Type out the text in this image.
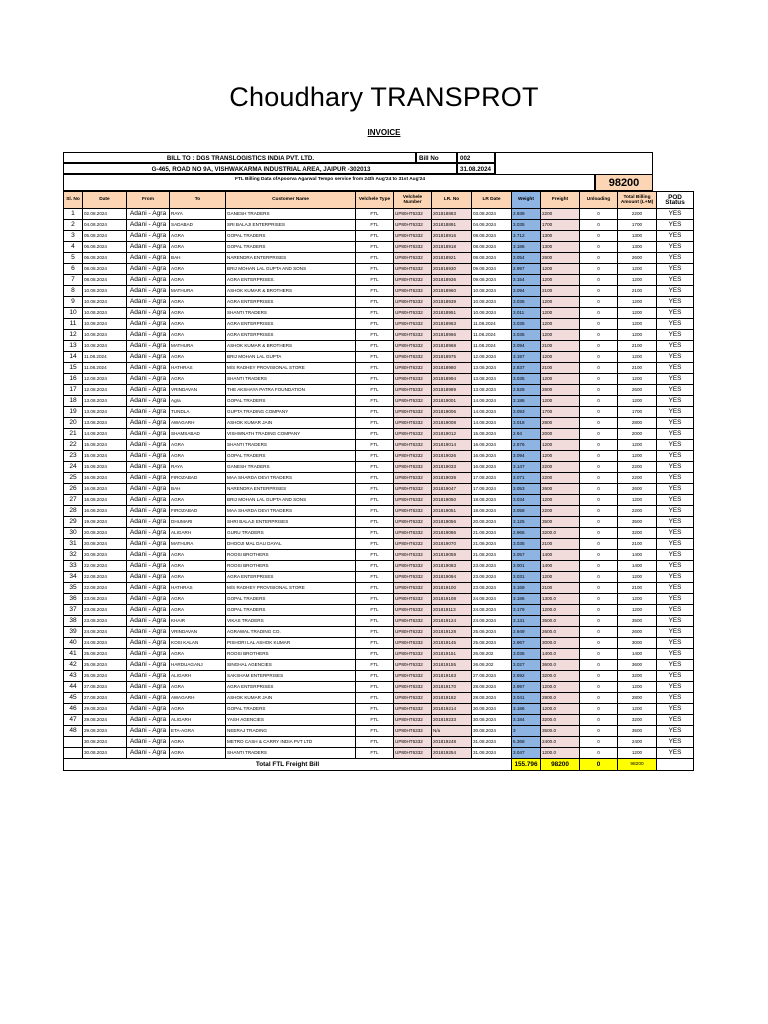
Choudhary TRANSPROT
INVOICE
BILL TO : DGS TRANSLOGISTICS INDIA PVT. LTD.	Bill No	002
G-465, ROAD NO 9A, VISHWAKARMA INDUSTRIAL AREA, JAIPUR -302013	31.08.2024
FTL Billing Data ofApoorva Agarwal Tempo service from 24th Aug'24 to 31st Aug'24	98200
Sl. No	Date	From	To	Customer Name	Velchele Type	Velchele Number	LR. No	LR Date	Weight	Freight	Unloading	Total Billing Amount (L+M)	POD Status
1	02.08.2024	Adani - Agra	RAYA	GANESH TRADERS	FTL	UP80HT6332	201818883	03.08.2024	2.939	2200	0	2200	YES
2	04.08.2024	Adani - Agra	SADABAD	SRI BALAJI ENTERPRISES	FTL	UP80HT6332	201818891	04.08.2024	3.035	1700	0	1700	YES
3	05.08.2024	Adani - Agra	AGRA	GOPAL TRADERS	FTL	UP80HT6332	201818916	08.08.2024	3.712	1300	0	1300	YES
4	06.08.2024	Adani - Agra	AGRA	GOPAL TRADERS	FTL	UP80HT6332	201818918	08.08.2024	3.186	1300	0	1300	YES
5	06.08.2024	Adani - Agra	BAH	NARENDRA ENTERPRISES	FTL	UP80HT6332	201818921	08.08.2024	3.054	2600	0	2600	YES
6	08.08.2024	Adani - Agra	AGRA	BRIJ MOHAN LAL GUPTA AND SONS	FTL	UP80HT6332	201818930	09.08.2024	2.997	1200	0	1200	YES
7	08.08.2024	Adani - Agra	AGRA	AGRA ENTERPRISES.	FTL	UP80HT6332	201818936	09.08.2024	3.154	1200	0	1200	YES
8	10.08.2024	Adani - Agra	MATHURA	ASHOK KUMAR & BROTHERS	FTL	UP80HT6332	201818960	10.08.2024	3.094	2100	0	2100	YES
9	10.08.2024	Adani - Agra	AGRA	AGRA ENTERPRISES	FTL	UP80HT6332	201818939	10.08.2024	3.035	1200	0	1200	YES
10	10.08.2024	Adani - Agra	AGRA	SHANTI TRADERS	FTL	UP80HT6332	201818951	10.08.2024	3.011	1200	0	1200	YES
11	10.08.2024	Adani - Agra	AGRA	AGRA ENTERPRISES	FTL	UP80HT6332	201818963	11.08.2024	3.035	1200	0	1200	YES
12	10.08.2024	Adani - Agra	AGRA	AGRA ENTERPRISES	FTL	UP80HT6332	201818966	11.08.2024	3.035	1200	0	1200	YES
13	10.08.2024	Adani - Agra	MATHURA	ASHOK KUMAR & BROTHERS	FTL	UP80HT6332	201818968	11.08.2024	3.094	2100	0	2100	YES
14	11.08.2024	Adani - Agra	AGRA	BRIJ MOHAN LAL GUPTA	FTL	UP80HT6332	201818975	12.08.2024	3.197	1200	0	1200	YES
15	11.08.2024	Adani - Agra	HATHRAS	M/S RADHEY PROVISIONAL STORE	FTL	UP80HT6332	201818980	13.08.2024	2.837	2100	0	2100	YES
16	12.08.2024	Adani - Agra	AGRA	SHANTI TRADERS	FTL	UP80HT6332	201818994	13.08.2024	3.035	1200	0	1200	YES
17	12.08.2024	Adani - Agra	VRINDAVAN	THE AKSHAYA PATRA FOUNDATION	FTL	UP80HT6332	201818989	13.08.2024	2.528	2600	0	2600	YES
18	13.08.2024	Adani - Agra	Agra	GOPAL TRADERS	FTL	UP80HT6332	201819001	14.08.2024	3.186	1200	0	1200	YES
19	13.08.2024	Adani - Agra	TUNDLA	GUPTA TRADING COMPANY	FTL	UP80HT6332	201819006	14.08.2024	3.093	1700	0	1700	YES
20	13.08.2024	Adani - Agra	AWAGARH	ASHOK KUMAR JAIN	FTL	UP80HT6332	201819008	14.08.2024	3.018	2800	0	2800	YES
21	14.08.2024	Adani - Agra	SHAMSABAD	VISHWNATH TRADING COMPANY	FTL	UP80HT6332	201819012	15.08.2024	2.94	2000	0	2000	YES
22	15.08.2024	Adani - Agra	AGRA	SHANTI TRADERS	FTL	UP80HT6332	201819014	16.08.2024	2.876	1200	0	1200	YES
23	15.08.2024	Adani - Agra	AGRA	GOPAL TRADERS	FTL	UP80HT6332	201819026	16.08.2024	3.094	1200	0	1200	YES
24	15.08.2024	Adani - Agra	RAYA	GANESH TRADERS	FTL	UP80HT6332	201819033	16.08.2024	3.147	2200	0	2200	YES
25	16.08.2024	Adani - Agra	FIROZABAD	MAA SHARDA DEVI TRADERS	FTL	UP80HT6332	201819039	17.08.2024	3.071	2200	0	2200	YES
26	16.08.2024	Adani - Agra	BAH	NARENDRA ENTERPRISES	FTL	UP80HT6332	201819047	17.08.2024	3.053	2600	0	2600	YES
27	16.08.2024	Adani - Agra	AGRA	BRIJ MOHAN LAL GUPTA AND SONS	FTL	UP80HT6332	201819050	18.08.2024	3.034	1200	0	1200	YES
28	16.08.2024	Adani - Agra	FIROZABAD	MAA SHARDA DEVI TRADERS	FTL	UP80HT6332	201819051	18.08.2024	3.058	2200	0	2200	YES
29	19.08.2024	Adani - Agra	DHUMARI	SHRI BALAJI ENTERPRISES	FTL	UP80HT6332	201819056	20.08.2024	3.125	3500	0	3500	YES
30	20.08.2024	Adani - Agra	ALIGARH	GURU TRADERS	FTL	UP80HT6332	201819086	21.08.2024	2.966	3200.0	0	3200	YES
31	20.08.2024	Adani - Agra	MATHURA	DHOOJI MAL DAU DAYAL	FTL	UP80HT6332	201819070	21.08.2024	3.035	2100	0	2100	YES
32	20.08.2024	Adani - Agra	AGRA	ROOSI BROTHERS	FTL	UP80HT6332	201819059	21.08.2024	3.057	1400	0	1400	YES
33	22.08.2024	Adani - Agra	AGRA	ROOSI BROTHERS	FTL	UP80HT6332	201819083	23.08.2024	3.001	1400	0	1400	YES
34	22.08.2024	Adani - Agra	AGRA	AGRA ENTERPRISES	FTL	UP80HT6332	201819094	23.08.2024	3.031	1200	0	1200	YES
35	22.08.2024	Adani - Agra	HATHRAS	M/S RADHEY PROVISIONAL STORE	FTL	UP80HT6332	201819100	23.08.2024	3.169	2100	0	2100	YES
36	23.08.2024	Adani - Agra	AGRA	GOPAL TRADERS	FTL	UP80HT6332	201819108	24.08.2024	3.186	1300.0	0	1200	YES
37	23.08.2024	Adani - Agra	AGRA	GOPAL TRADERS	FTL	UP80HT6332	201819113	24.08.2024	3.179	1200.0	0	1200	YES
38	23.08.2024	Adani - Agra	KHAIR	VIKAS TRADERS	FTL	UP80HT6332	201819124	24.08.2024	3.131	3500.0	0	3500	YES
39	24.08.2024	Adani - Agra	VRINDAVAN	AGRAWAL TRADING CO.	FTL	UP80HT6332	201819128	25.08.2024	2.949	2600.0	0	2600	YES
40	24.08.2024	Adani - Agra	KOSI KALAN	PISHORI LAL ASHOK KUMAR	FTL	UP80HT6332	201819145	25.08.2024	2.967	3000.0	0	3000	YES
41	25.08.2024	Adani - Agra	AGRA	ROOSI BROTHERS	FTL	UP80HT6332	201819151	26.08.202	3.035	1400.0	0	1400	YES
42	25.08.2024	Adani - Agra	HARDUAGANJ	SINGHAL AGENCIES	FTL	UP80HT6332	201819155	26.08.202	3.027	3600.0	0	3600	YES
43	26.08.2024	Adani - Agra	ALIGARH	SAKSHAM ENTERPRISES	FTL	UP80HT6332	201819163	27.08.2024	2.692	3200.0	0	3200	YES
44	27.08.2024	Adani - Agra	AGRA	AGRA ENTERPRISES	FTL	UP80HT6332	201819170	28.08.2024	2.997	1200.0	0	1200	YES
45	27.08.2024	Adani - Agra	AWAGARH	ASHOK KUMAR JAIN	FTL	UP80HT6332	201819182	28.08.2024	3.041	2800.0	0	2800	YES
46	29.08.2024	Adani - Agra	AGRA	GOPAL TRADERS	FTL	UP80HT6332	201819214	30.08.2024	3.186	1200.0	0	1200	YES
47	29.08.2024	Adani - Agra	ALIGARH	YASH AGENCIES	FTL	UP80HT6332	201819233	30.08.2024	3.184	3200.0	0	3200	YES
48	29.08.2024	Adani - Agra	ETA-AGRA	NEERAJ TRADING	FTL	UP80HT6332	N/a	30.08.2024	3	3500.0	0	3500	YES
	30.08.2024	Adani - Agra	AGRA	METRO CASH & CARRY INDIA PVT LTD	FTL	UP80HT6332	201819248	31.08.2024	6.368	2400.0	0	2400	YES
	30.08.2024	Adani - Agra	AGRA	SHANTI TRADERS	FTL	UP80HT6332	201819254	31.08.2024	3.047	1200.0	0	1200	YES
Total FTL Freight Bill									155.796	98200	0	98200	
